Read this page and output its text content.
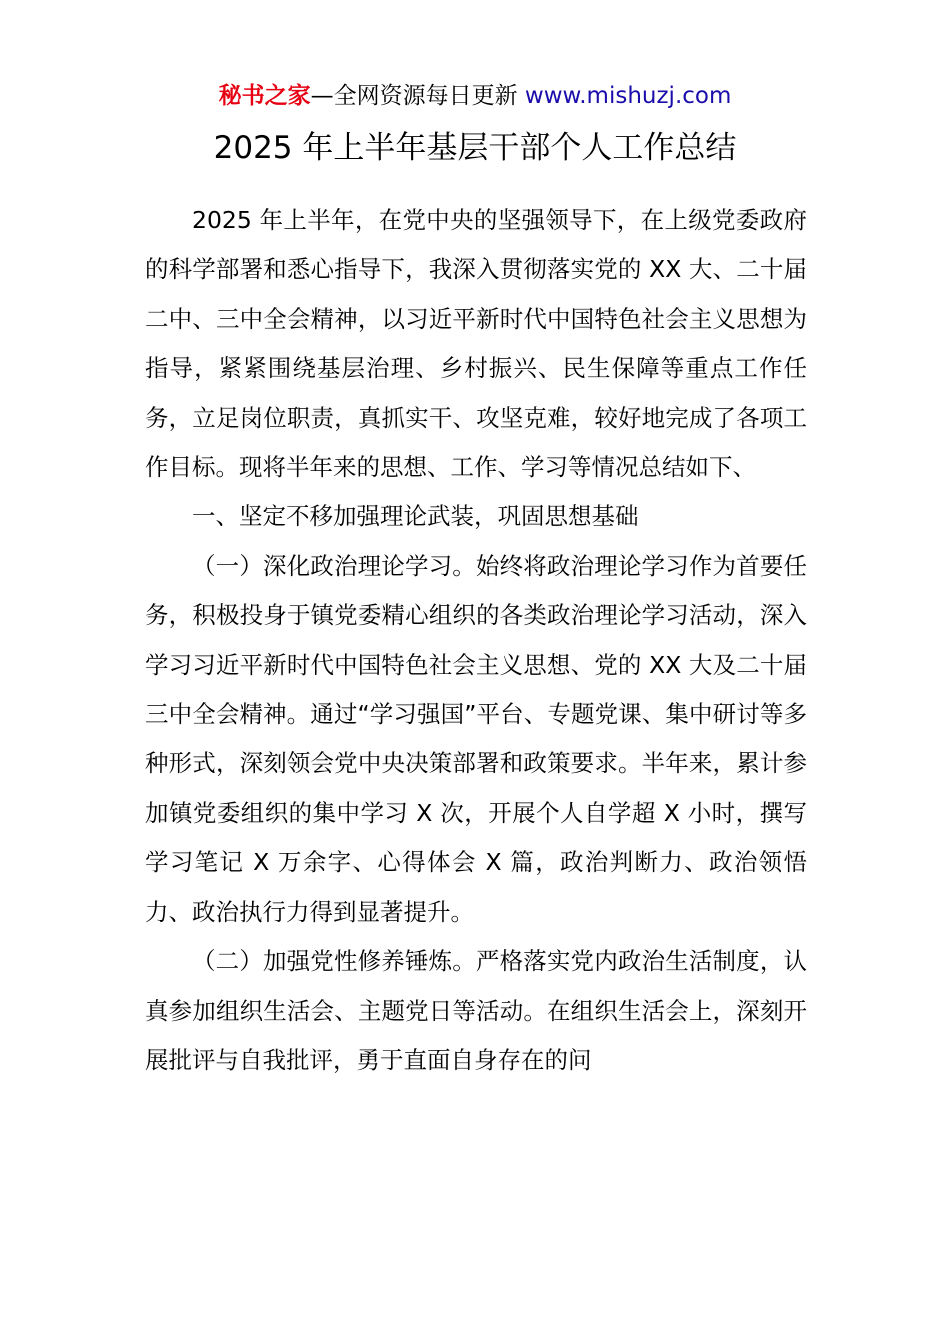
秘书之家—全网资源每日更新 www.mishuzj.com
2025 年上半年基层干部个人工作总结

2025 年上半年，在党中央的坚强领导下，在上级党委政府的科学部署和悉心指导下，我深入贯彻落实党的 XX 大、二十届二中、三中全会精神，以习近平新时代中国特色社会主义思想为指导，紧紧围绕基层治理、乡村振兴、民生保障等重点工作任务，立足岗位职责，真抓实干、攻坚克难，较好地完成了各项工作目标。现将半年来的思想、工作、学习等情况总结如下、

一、坚定不移加强理论武装，巩固思想基础

（一）深化政治理论学习。始终将政治理论学习作为首要任务，积极投身于镇党委精心组织的各类政治理论学习活动，深入学习习近平新时代中国特色社会主义思想、党的 XX 大及二十届三中全会精神。通过“学习强国”平台、专题党课、集中研讨等多种形式，深刻领会党中央决策部署和政策要求。半年来，累计参加镇党委组织的集中学习 X 次，开展个人自学超 X 小时，撰写学习笔记 X 万余字、心得体会 X 篇，政治判断力、政治领悟力、政治执行力得到显著提升。

（二）加强党性修养锤炼。严格落实党内政治生活制度，认真参加组织生活会、主题党日等活动。在组织生活会上，深刻开展批评与自我批评，勇于直面自身存在的问
